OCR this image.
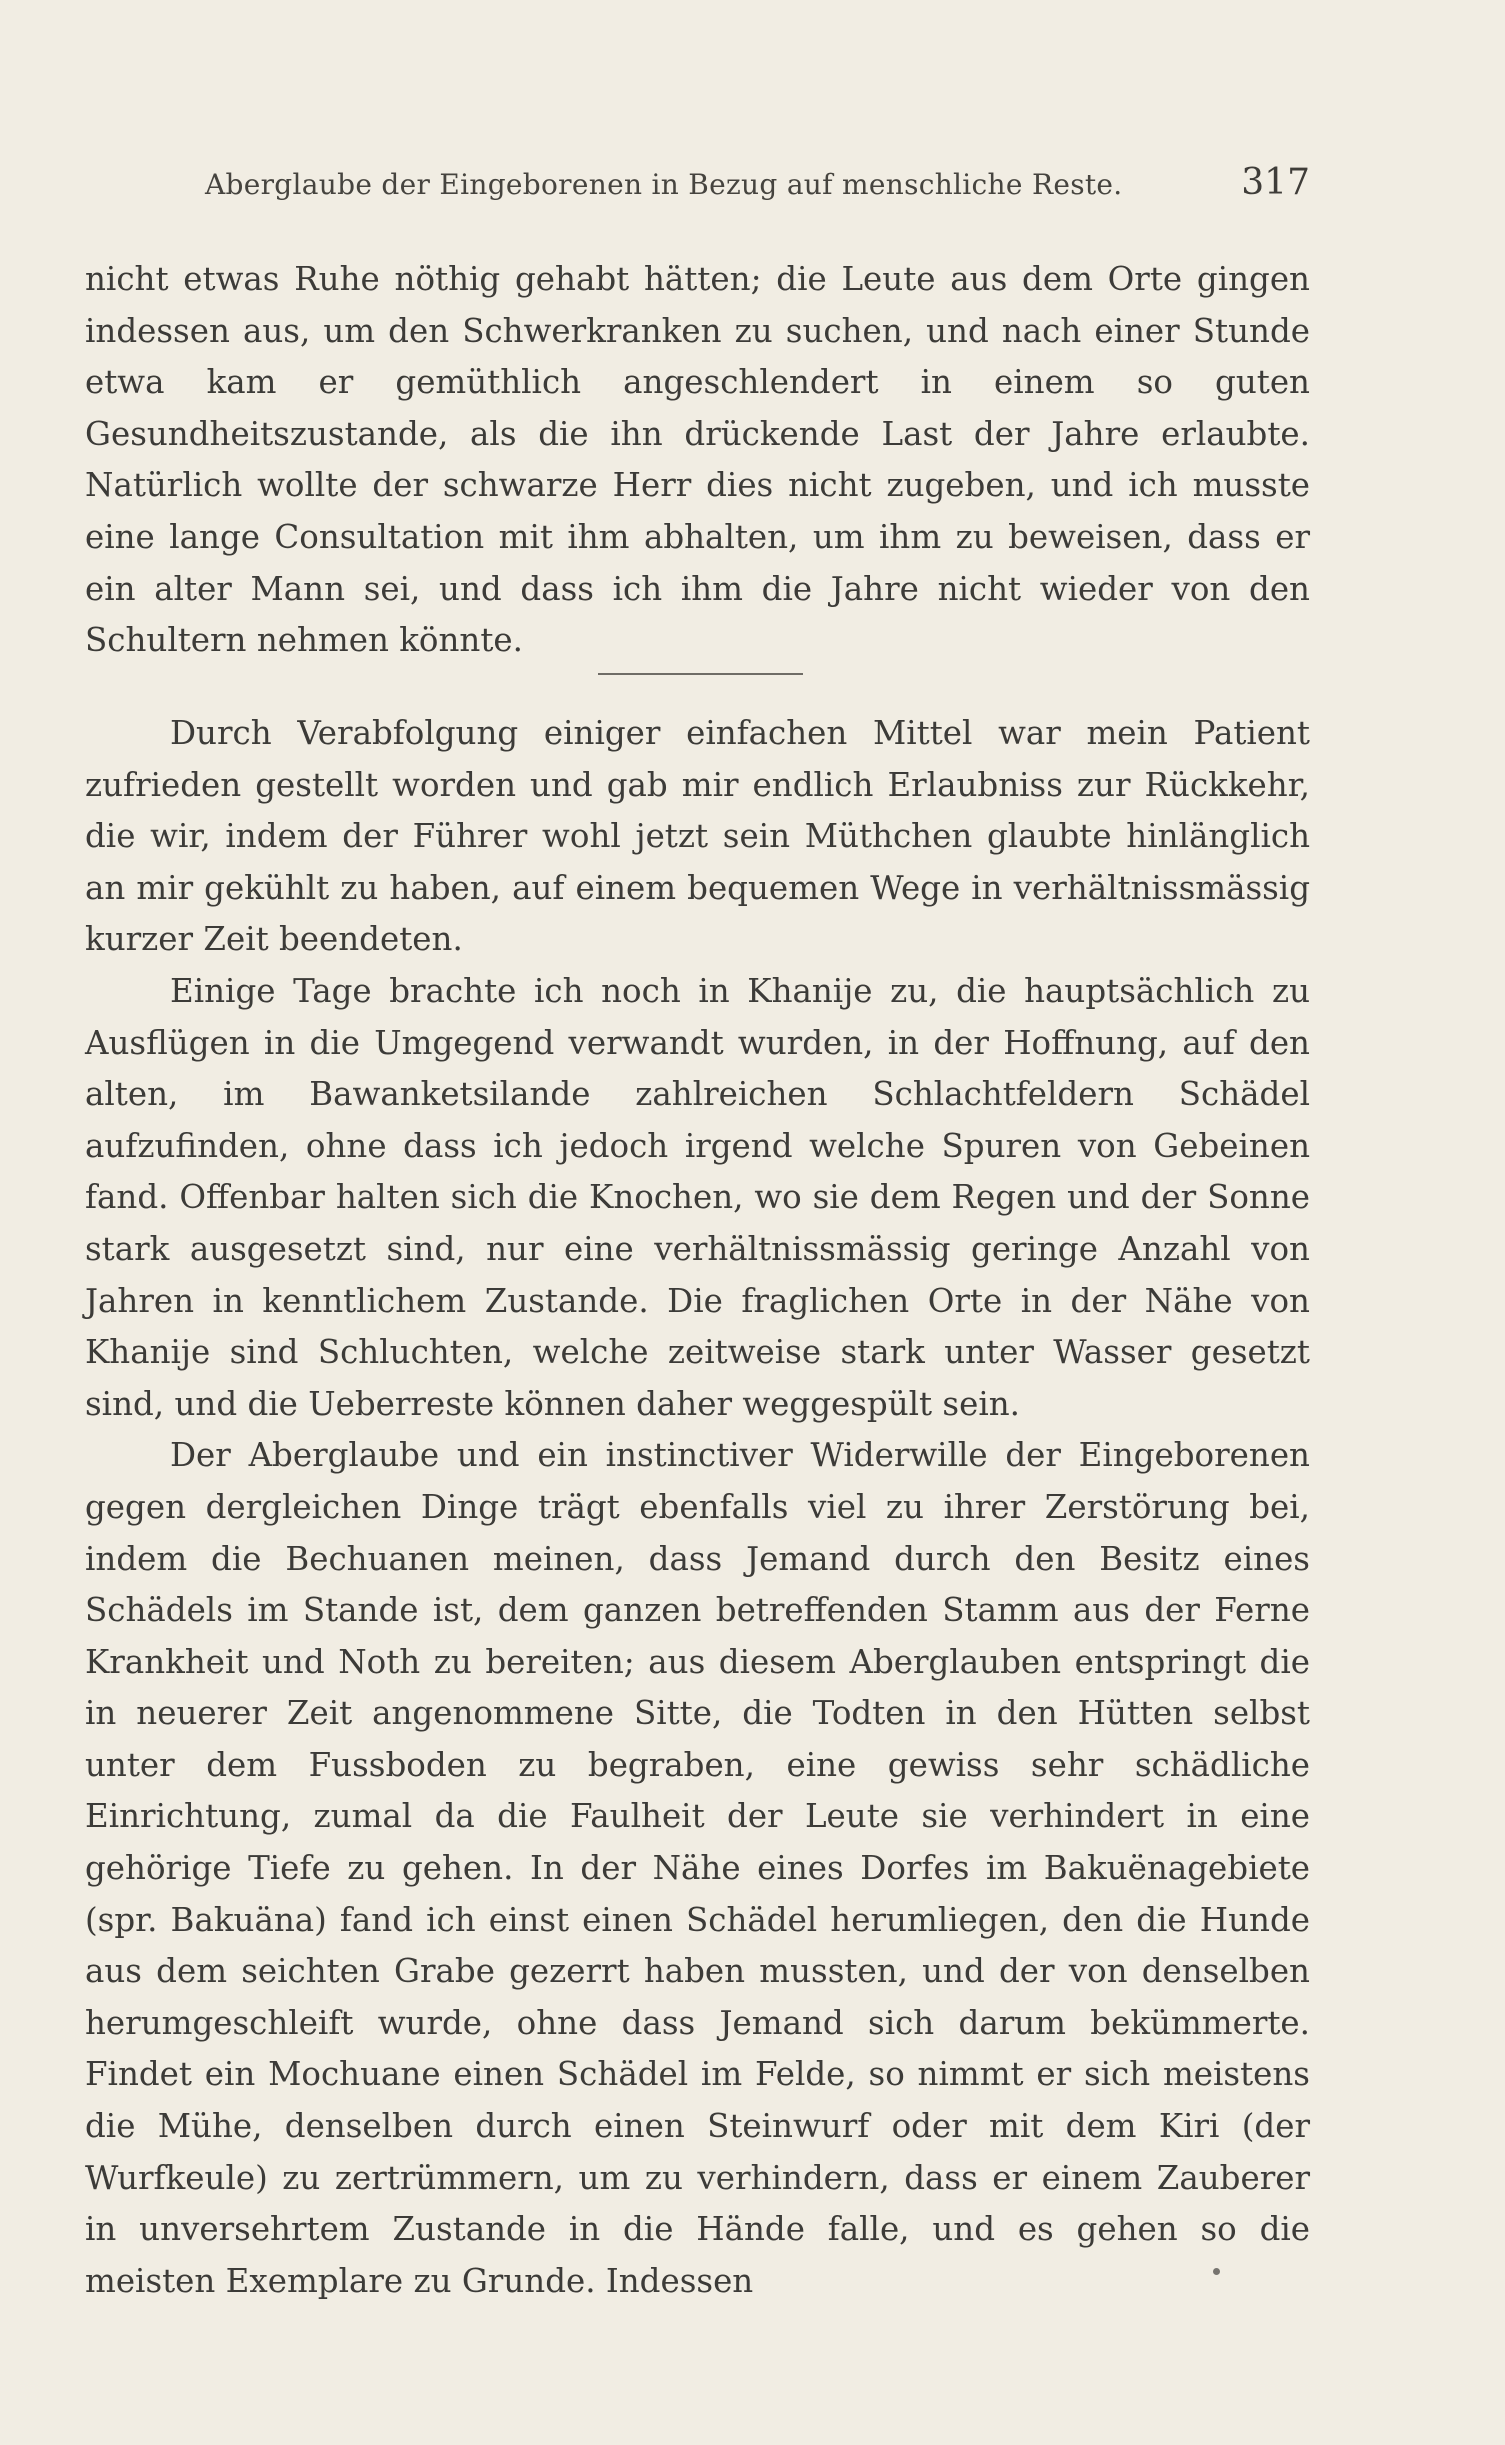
Aberglaube der Eingeborenen in Bezug auf menschliche Reste.	317

nicht etwas Ruhe nöthig gehabt hätten; die Leute aus dem Orte gingen indessen aus, um den Schwerkranken zu suchen, und nach einer Stunde etwa kam er gemüthlich angeschlendert in einem so guten Gesundheitszustande, als die ihn drückende Last der Jahre erlaubte. Natürlich wollte der schwarze Herr dies nicht zugeben, und ich musste eine lange Consultation mit ihm abhalten, um ihm zu beweisen, dass er ein alter Mann sei, und dass ich ihm die Jahre nicht wieder von den Schultern nehmen könnte.

Durch Verabfolgung einiger einfachen Mittel war mein Patient zufrieden gestellt worden und gab mir endlich Erlaubniss zur Rückkehr, die wir, indem der Führer wohl jetzt sein Müthchen glaubte hinlänglich an mir gekühlt zu haben, auf einem bequemen Wege in verhältnissmässig kurzer Zeit beendeten.

Einige Tage brachte ich noch in Khanije zu, die hauptsächlich zu Ausflügen in die Umgegend verwandt wurden, in der Hoffnung, auf den alten, im Bawanketsilande zahlreichen Schlachtfeldern Schädel aufzufinden, ohne dass ich jedoch irgend welche Spuren von Gebeinen fand. Offenbar halten sich die Knochen, wo sie dem Regen und der Sonne stark ausgesetzt sind, nur eine verhältnissmässig geringe Anzahl von Jahren in kenntlichem Zustande. Die fraglichen Orte in der Nähe von Khanije sind Schluchten, welche zeitweise stark unter Wasser gesetzt sind, und die Ueberreste können daher weggespült sein.

Der Aberglaube und ein instinctiver Widerwille der Eingeborenen gegen dergleichen Dinge trägt ebenfalls viel zu ihrer Zerstörung bei, indem die Bechuanen meinen, dass Jemand durch den Besitz eines Schädels im Stande ist, dem ganzen betreffenden Stamm aus der Ferne Krankheit und Noth zu bereiten; aus diesem Aberglauben entspringt die in neuerer Zeit angenommene Sitte, die Todten in den Hütten selbst unter dem Fussboden zu begraben, eine gewiss sehr schädliche Einrichtung, zumal da die Faulheit der Leute sie verhindert in eine gehörige Tiefe zu gehen. In der Nähe eines Dorfes im Bakuënagebiete (spr. Bakuäna) fand ich einst einen Schädel herumliegen, den die Hunde aus dem seichten Grabe gezerrt haben mussten, und der von denselben herumgeschleift wurde, ohne dass Jemand sich darum bekümmerte. Findet ein Mochuane einen Schädel im Felde, so nimmt er sich meistens die Mühe, denselben durch einen Steinwurf oder mit dem Kiri (der Wurfkeule) zu zertrümmern, um zu verhindern, dass er einem Zauberer in unversehrtem Zustande in die Hände falle, und es gehen so die meisten Exemplare zu Grunde. Indessen
